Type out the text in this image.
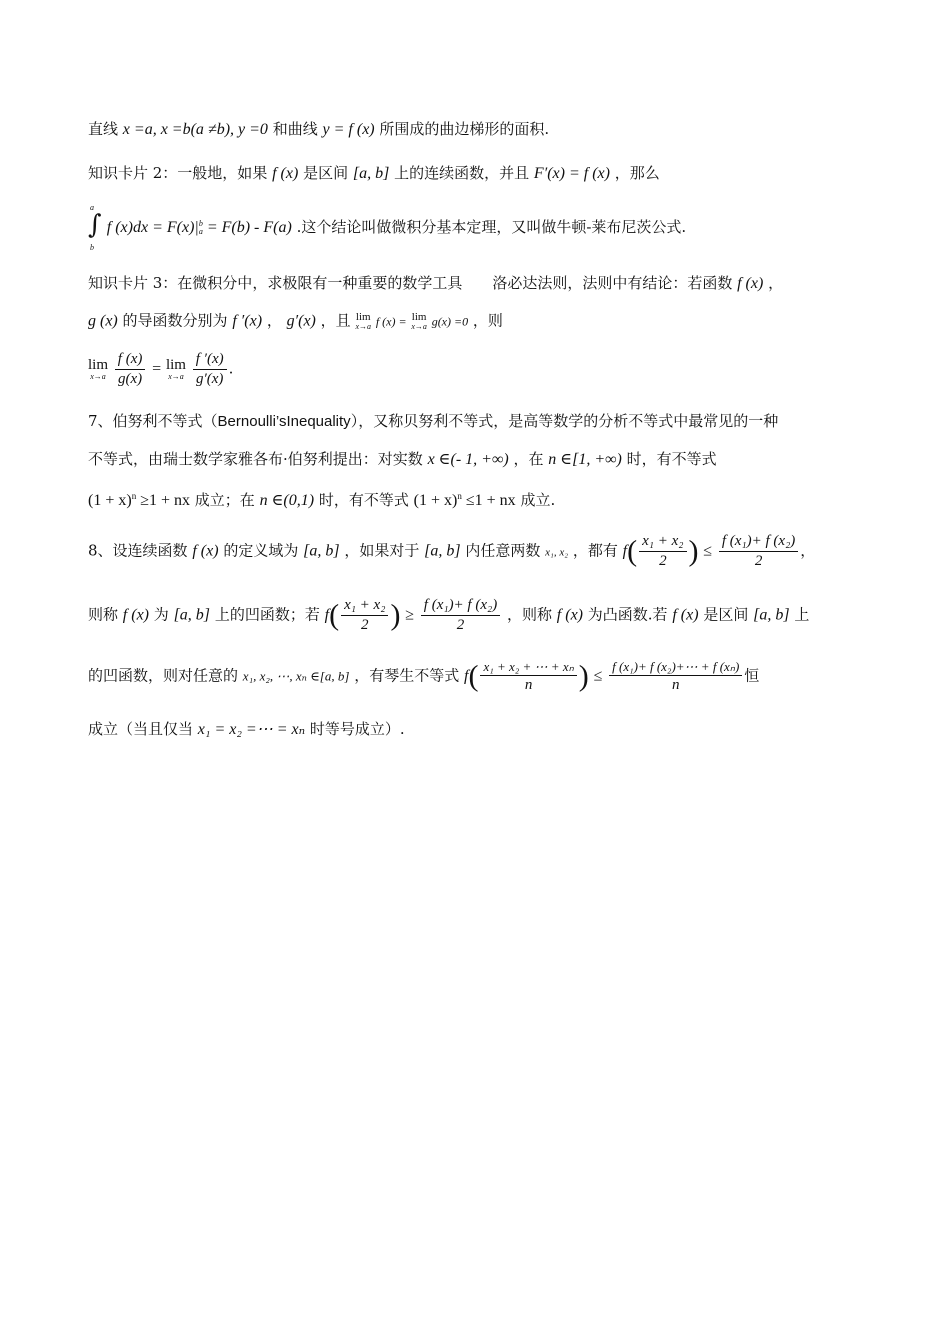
直线 x =a, x =b(a ≠b), y =0 和曲线 y = f (x) 所围成的曲边梯形的面积.
知识卡片 2：一般地，如果 f (x) 是区间 [a, b] 上的连续函数，并且 F′(x) = f (x) ，那么
a
∫
b
f (x)dx = F(x)| b
a = F(b) - F(a) .这个结论叫做微积分基本定理，又叫做牛顿-莱布尼茨公式.
知识卡片 3：在微积分中，求极限有一种重要的数学工具　　洛必达法则，法则中有结论：若函数 f (x) ，
g (x) 的导函数分别为 f ′(x) ， g′(x) ，且 lim
x→a f (x) = lim
x→a g(x) =0 ，则
lim
x→a
$\frac{f (x)}{g(x)} = \lim$
x→a
$\frac{f '(x)}{g'(x)}$ .
7、伯努利不等式（Bernoulli’sInequality），又称贝努利不等式，是高等数学的分析不等式中最常见的一种
不等式，由瑞士数学家雅各布·伯努利提出：对实数 x ∈(- 1, +∞) ，在 n ∈[1, +∞) 时，有不等式
$(1 + x)^n \ge 1$ + nx 成立；在 n ∈(0,1) 时，有不等式 $(1 + x)^n \le 1$ + nx 成立.
8、设连续函数 f (x) 的定义域为 [a, b] ，如果对于 [a, b] 内任意两数 x₁, x₂ ，都有 $f( \frac{\text{x₁ + x₂}}{2}$ ) ≤ $\frac{\text{f (x₁)+ f (x₂)}}{2}$ ，
则称 f (x) 为 [a, b] 上的凹函数；若 $f( \frac{\text{x₁ + x₂}}{2}$ ) ≥ $\frac{\text{f (x₁)+ f (x₂)}}{2}$ ，则称 f (x) 为凸函数.若 f (x) 是区间 [a, b] 上
的凹函数，则对任意的 x₁, x₂, ⋯, xₙ ∈[a, b] ，有琴生不等式 $f( \frac{\text{x₁ + x₂ + ⋯ + xₙ}}{n}$ ) ≤ $\frac{\text{f (x₁)+ f (x₂)+⋯ + f (xₙ)}}{n}$ 恒
成立（当且仅当 x₁ = x₂ =⋯ = xₙ 时等号成立）.
